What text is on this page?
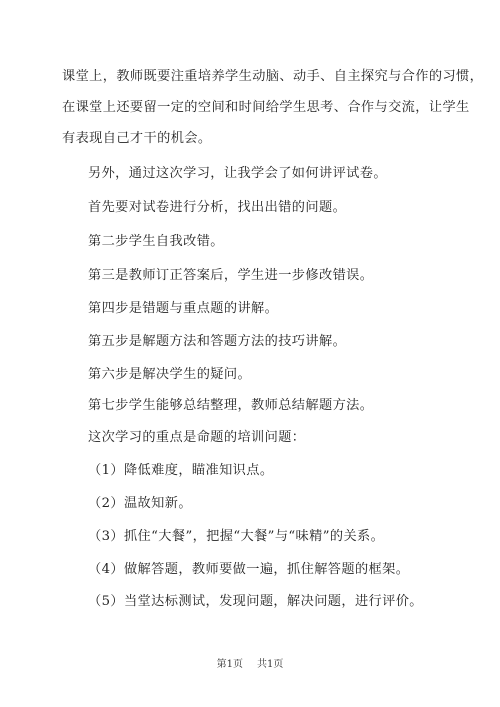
课堂上，教师既要注重培养学生动脑、动手、自主探究与合作的习惯，
在课堂上还要留一定的空间和时间给学生思考、合作与交流，让学生
有表现自己才干的机会。
另外，通过这次学习，让我学会了如何讲评试卷。
首先要对试卷进行分析，找出出错的问题。
第二步学生自我改错。
第三是教师订正答案后，学生进一步修改错误。
第四步是错题与重点题的讲解。
第五步是解题方法和答题方法的技巧讲解。
第六步是解决学生的疑问。
第七步学生能够总结整理，教师总结解题方法。
这次学习的重点是命题的培训问题：
（1）降低难度，瞄准知识点。
（2）温故知新。
（3）抓住“大餐”，把握“大餐”与“味精”的关系。
（4）做解答题，教师要做一遍，抓住解答题的框架。
（5）当堂达标测试，发现问题，解决问题，进行评价。
第1页 共1页
